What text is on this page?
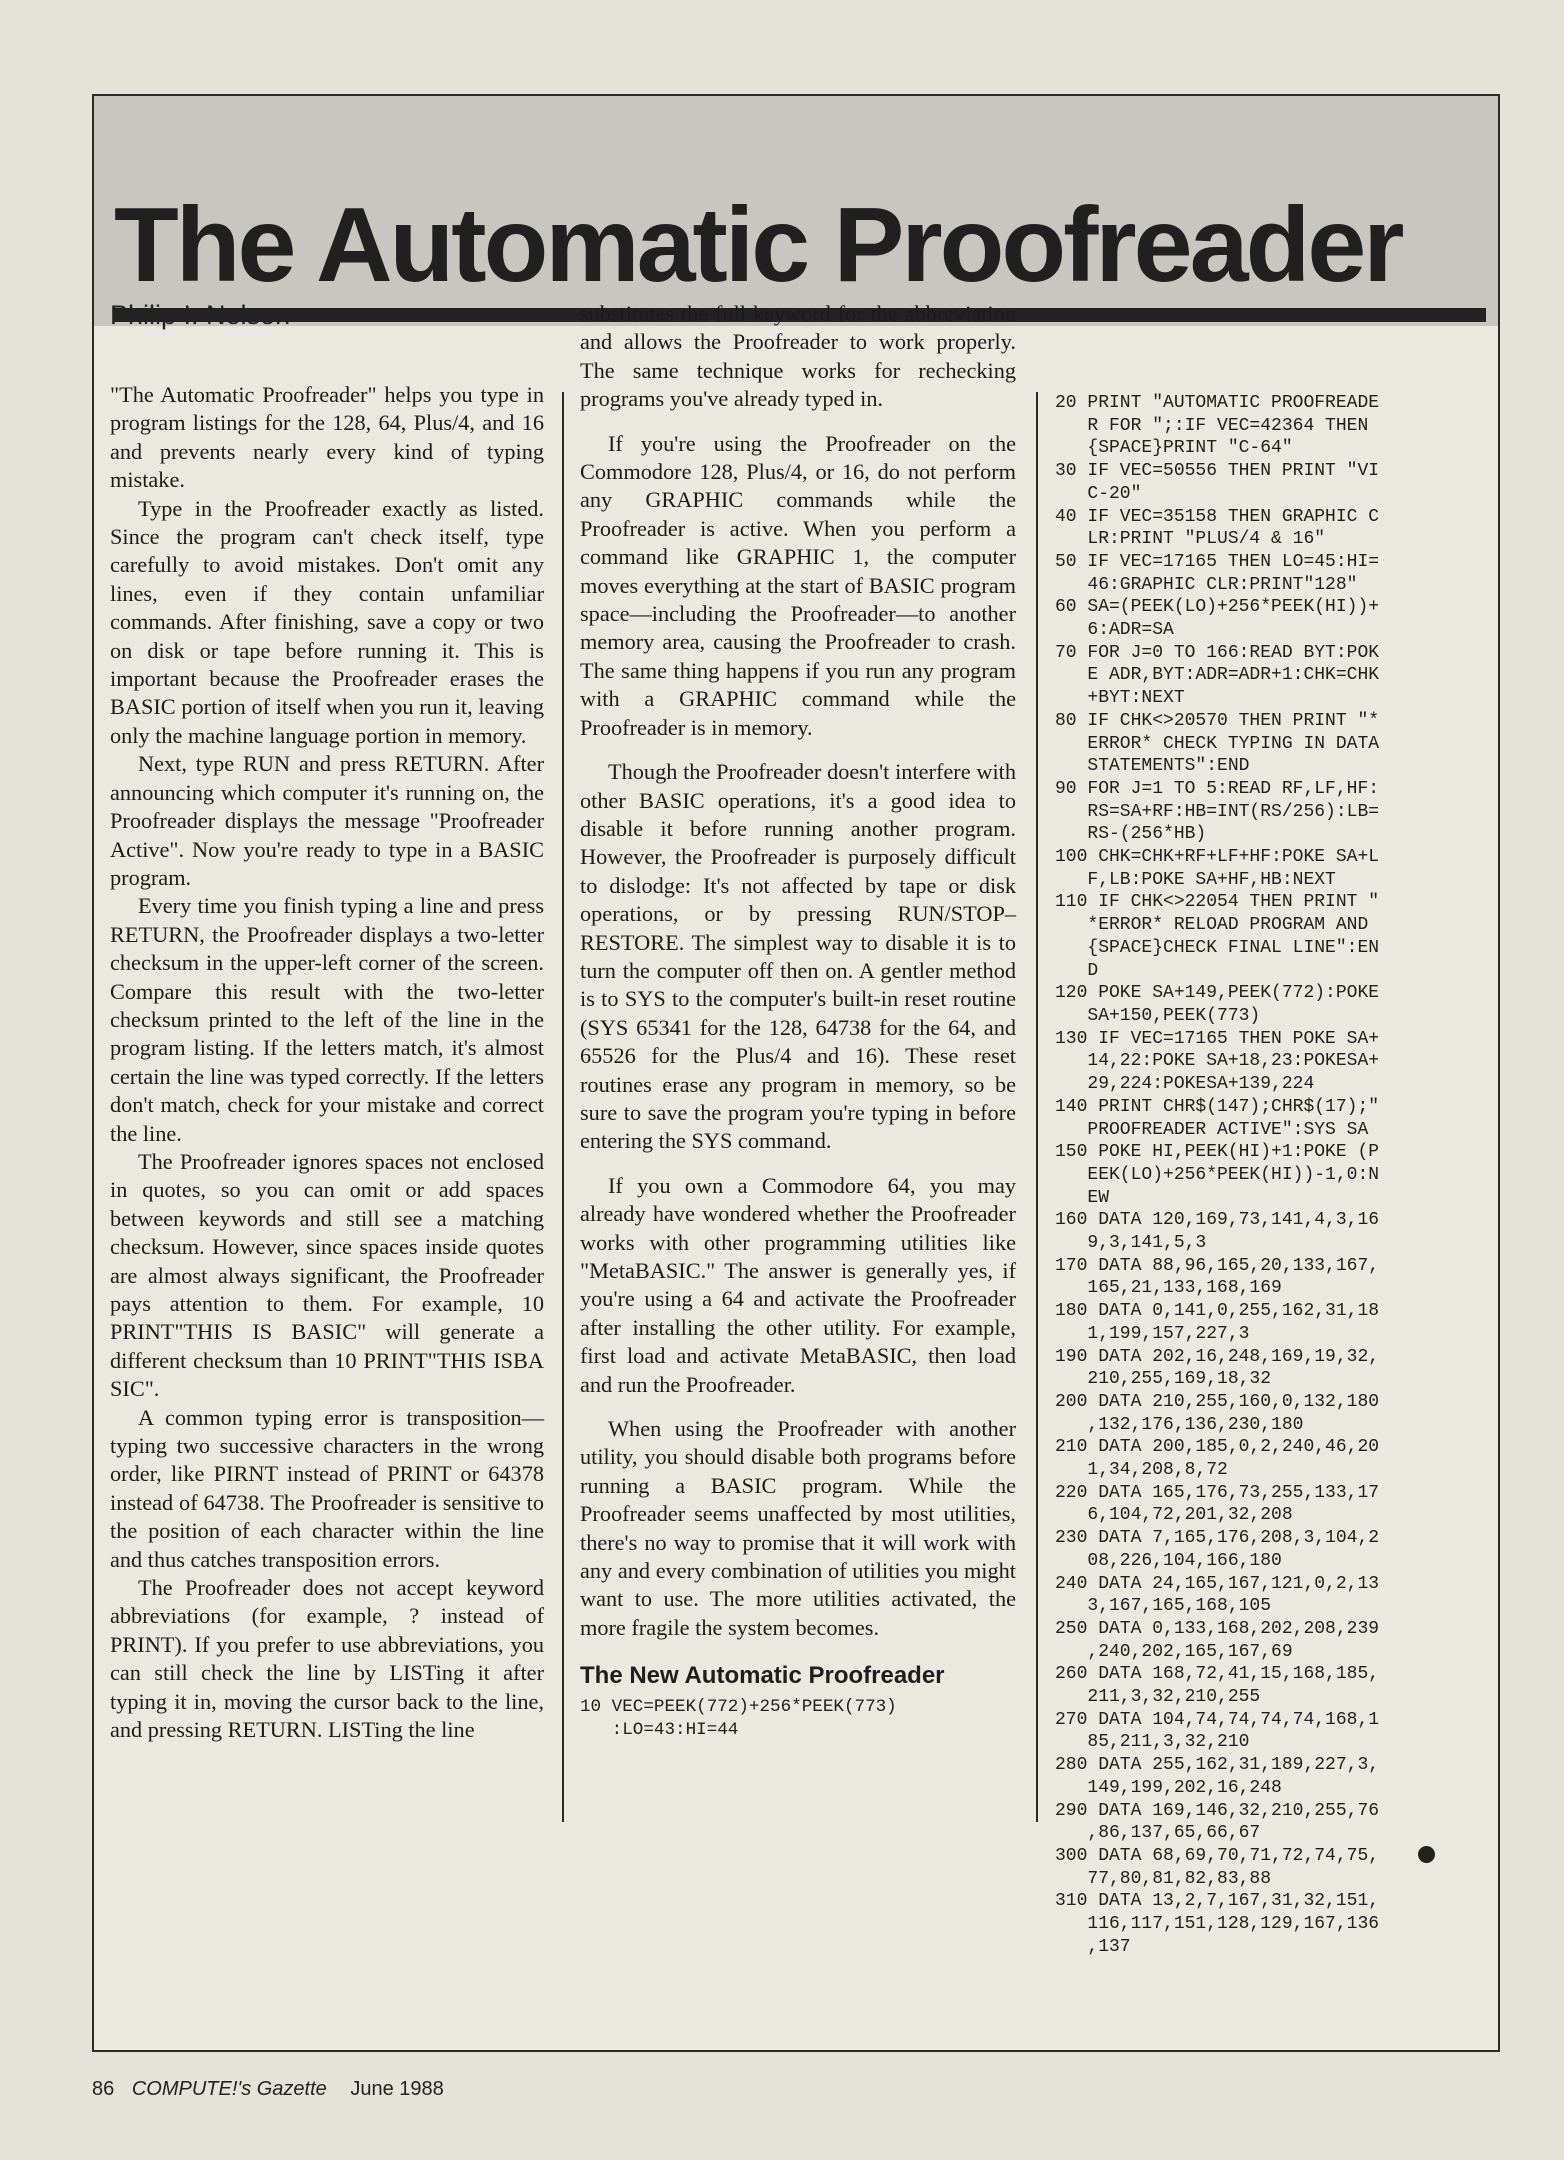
The Automatic Proofreader

Philip I. Nelson

"The Automatic Proofreader" helps you type in program listings for the 128, 64, Plus/4, and 16 and prevents nearly every kind of typing mistake.

Type in the Proofreader exactly as listed. Since the program can't check itself, type carefully to avoid mistakes. Don't omit any lines, even if they contain unfamiliar commands. After finishing, save a copy or two on disk or tape before running it. This is important because the Proofreader erases the BASIC portion of itself when you run it, leaving only the machine language portion in memory.

Next, type RUN and press RETURN. After announcing which computer it's running on, the Proofreader displays the message "Proofreader Active". Now you're ready to type in a BASIC program.

Every time you finish typing a line and press RETURN, the Proofreader displays a two-letter checksum in the upper-left corner of the screen. Compare this result with the two-letter checksum printed to the left of the line in the program listing. If the letters match, it's almost certain the line was typed correctly. If the letters don't match, check for your mistake and correct the line.

The Proofreader ignores spaces not enclosed in quotes, so you can omit or add spaces between keywords and still see a matching checksum. However, since spaces inside quotes are almost always significant, the Proofreader pays attention to them. For example, 10 PRINT"THIS IS BASIC" will generate a different checksum than 10 PRINT"THIS ISBA SIC".

A common typing error is transposition—typing two successive characters in the wrong order, like PIRNT instead of PRINT or 64378 instead of 64738. The Proofreader is sensitive to the position of each character within the line and thus catches transposition errors.

The Proofreader does not accept keyword abbreviations (for example, ? instead of PRINT). If you prefer to use abbreviations, you can still check the line by LISTing it after typing it in, moving the cursor back to the line, and pressing RETURN. LISTing the line

substitutes the full keyword for the abbreviation and allows the Proofreader to work properly. The same technique works for rechecking programs you've already typed in.

If you're using the Proofreader on the Commodore 128, Plus/4, or 16, do not perform any GRAPHIC commands while the Proofreader is active. When you perform a command like GRAPHIC 1, the computer moves everything at the start of BASIC program space—including the Proofreader—to another memory area, causing the Proofreader to crash. The same thing happens if you run any program with a GRAPHIC command while the Proofreader is in memory.

Though the Proofreader doesn't interfere with other BASIC operations, it's a good idea to disable it before running another program. However, the Proofreader is purposely difficult to dislodge: It's not affected by tape or disk operations, or by pressing RUN/STOP– RESTORE. The simplest way to disable it is to turn the computer off then on. A gentler method is to SYS to the computer's built-in reset routine (SYS 65341 for the 128, 64738 for the 64, and 65526 for the Plus/4 and 16). These reset routines erase any program in memory, so be sure to save the program you're typing in before entering the SYS command.

If you own a Commodore 64, you may already have wondered whether the Proofreader works with other programming utilities like "MetaBASIC." The answer is generally yes, if you're using a 64 and activate the Proofreader after installing the other utility. For example, first load and activate MetaBASIC, then load and run the Proofreader.

When using the Proofreader with another utility, you should disable both programs before running a BASIC program. While the Proofreader seems unaffected by most utilities, there's no way to promise that it will work with any and every combination of utilities you might want to use. The more utilities activated, the more fragile the system becomes.

The New Automatic Proofreader
10 VEC=PEEK(772)+256*PEEK(773)
:LO=43:HI=44
20 PRINT "AUTOMATIC PROOFREADE
R FOR ";:IF VEC=42364 THEN
{SPACE}PRINT "C-64"
30 IF VEC=50556 THEN PRINT "VI
C-20"
40 IF VEC=35158 THEN GRAPHIC C
LR:PRINT "PLUS/4 & 16"
50 IF VEC=17165 THEN LO=45:HI=
46:GRAPHIC CLR:PRINT"128"
60 SA=(PEEK(LO)+256*PEEK(HI))+
6:ADR=SA
70 FOR J=0 TO 166:READ BYT:POK
E ADR,BYT:ADR=ADR+1:CHK=CHK
+BYT:NEXT
80 IF CHK<>20570 THEN PRINT "*
ERROR* CHECK TYPING IN DATA
STATEMENTS":END
90 FOR J=1 TO 5:READ RF,LF,HF:
RS=SA+RF:HB=INT(RS/256):LB=
RS-(256*HB)
100 CHK=CHK+RF+LF+HF:POKE SA+L
F,LB:POKE SA+HF,HB:NEXT
110 IF CHK<>22054 THEN PRINT "
*ERROR* RELOAD PROGRAM AND
{SPACE}CHECK FINAL LINE":EN
D
120 POKE SA+149,PEEK(772):POKE
SA+150,PEEK(773)
130 IF VEC=17165 THEN POKE SA+
14,22:POKE SA+18,23:POKESA+
29,224:POKESA+139,224
140 PRINT CHR$(147);CHR$(17);"
PROOFREADER ACTIVE":SYS SA
150 POKE HI,PEEK(HI)+1:POKE (P
EEK(LO)+256*PEEK(HI))-1,0:N
EW
160 DATA 120,169,73,141,4,3,16
9,3,141,5,3
170 DATA 88,96,165,20,133,167,
165,21,133,168,169
180 DATA 0,141,0,255,162,31,18
1,199,157,227,3
190 DATA 202,16,248,169,19,32,
210,255,169,18,32
200 DATA 210,255,160,0,132,180
,132,176,136,230,180
210 DATA 200,185,0,2,240,46,20
1,34,208,8,72
220 DATA 165,176,73,255,133,17
6,104,72,201,32,208
230 DATA 7,165,176,208,3,104,2
08,226,104,166,180
240 DATA 24,165,167,121,0,2,13
3,167,165,168,105
250 DATA 0,133,168,202,208,239
,240,202,165,167,69
260 DATA 168,72,41,15,168,185,
211,3,32,210,255
270 DATA 104,74,74,74,74,168,1
85,211,3,32,210
280 DATA 255,162,31,189,227,3,
149,199,202,16,248
290 DATA 169,146,32,210,255,76
,86,137,65,66,67
300 DATA 68,69,70,71,72,74,75,
77,80,81,82,83,88
310 DATA 13,2,7,167,31,32,151,
116,117,151,128,129,167,136
,137
86 COMPUTE!'s Gazette June 1988
